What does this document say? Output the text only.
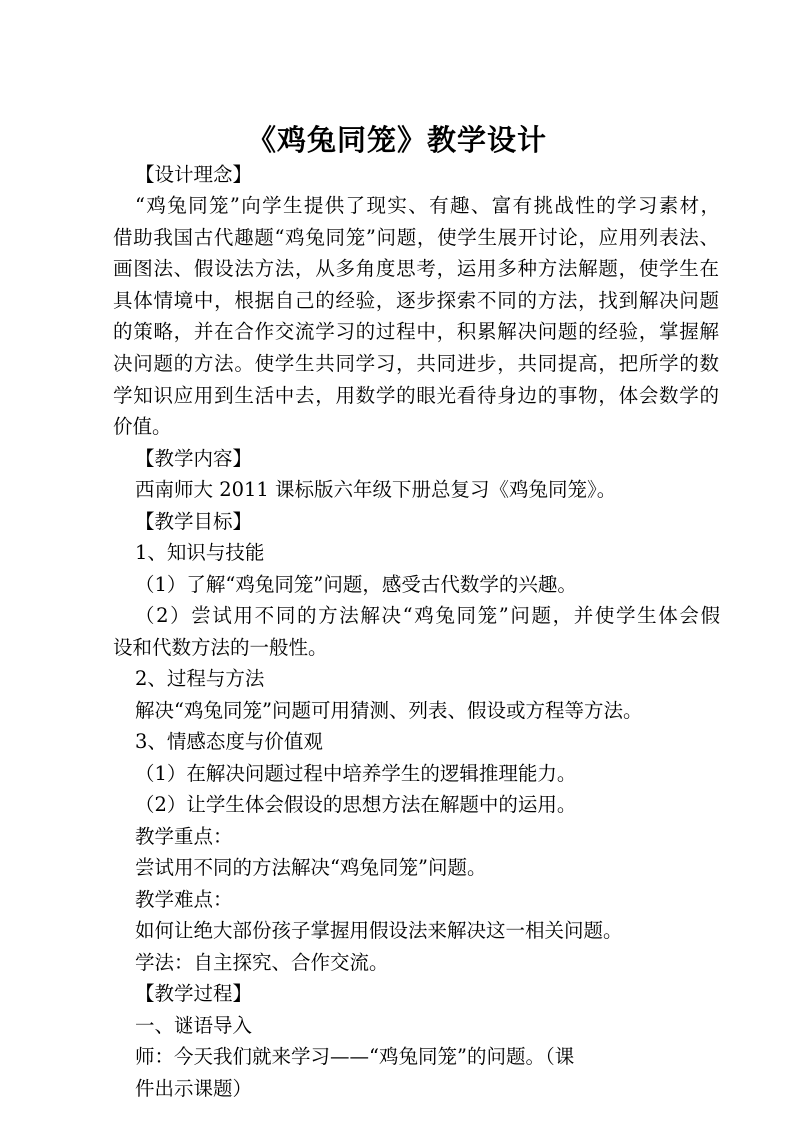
《鸡兔同笼》教学设计
【设计理念】
“鸡兔同笼”向学生提供了现实、有趣、富有挑战性的学习素材，
借助我国古代趣题“鸡兔同笼”问题，使学生展开讨论，应用列表法、
画图法、假设法方法，从多角度思考，运用多种方法解题，使学生在
具体情境中，根据自己的经验，逐步探索不同的方法，找到解决问题
的策略，并在合作交流学习的过程中，积累解决问题的经验，掌握解
决问题的方法。使学生共同学习，共同进步，共同提高，把所学的数
学知识应用到生活中去，用数学的眼光看待身边的事物，体会数学的
价值。
【教学内容】
西南师大 2011 课标版六年级下册总复习《鸡兔同笼》。
【教学目标】
1、知识与技能
（1）了解“鸡兔同笼”问题，感受古代数学的兴趣。
（2）尝试用不同的方法解决“鸡兔同笼”问题，并使学生体会假
设和代数方法的一般性。
2、过程与方法
解决“鸡兔同笼”问题可用猜测、列表、假设或方程等方法。
3、情感态度与价值观
（1）在解决问题过程中培养学生的逻辑推理能力。
（2）让学生体会假设的思想方法在解题中的运用。
教学重点：
尝试用不同的方法解决“鸡兔同笼”问题。
教学难点：
如何让绝大部份孩子掌握用假设法来解决这一相关问题。
学法：自主探究、合作交流。
【教学过程】
一、谜语导入
师：今天我们就来学习——“鸡兔同笼”的问题。（课
件出示课题）
